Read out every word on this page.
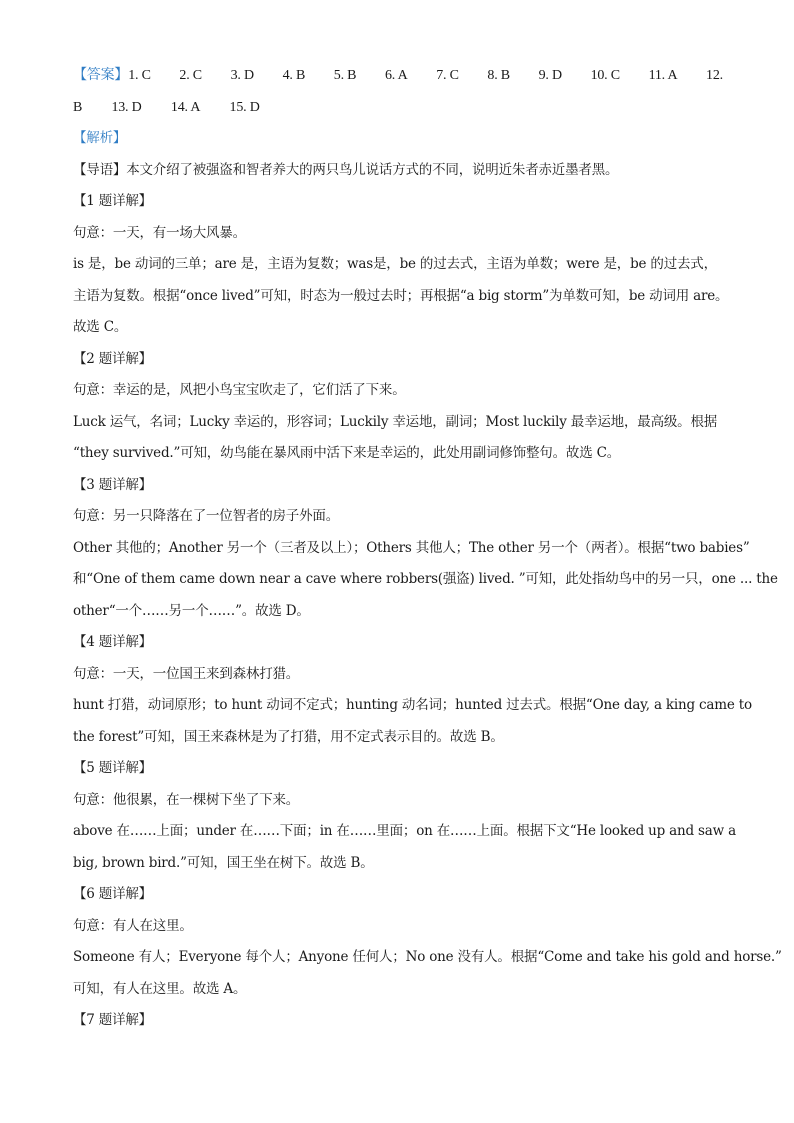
【答案】1. C 2. C 3. D 4. B 5. B 6. A 7. C 8. B 9. D 10. C 11. A 12.
B 13. D 14. A 15. D
【解析】
【导语】本文介绍了被强盗和智者养大的两只鸟儿说话方式的不同，说明近朱者赤近墨者黑。
【1 题详解】
句意：一天，有一场大风暴。
is 是，be 动词的三单；are 是，主语为复数；was是，be 的过去式，主语为单数；were 是，be 的过去式，
主语为复数。根据“once lived”可知，时态为一般过去时；再根据“a big storm”为单数可知，be 动词用 are。
故选 C。
【2 题详解】
句意：幸运的是，风把小鸟宝宝吹走了，它们活了下来。
Luck 运气，名词；Lucky 幸运的，形容词；Luckily 幸运地，副词；Most luckily 最幸运地，最高级。根据
“they survived.”可知，幼鸟能在暴风雨中活下来是幸运的，此处用副词修饰整句。故选 C。
【3 题详解】
句意：另一只降落在了一位智者的房子外面。
Other 其他的；Another 另一个（三者及以上）；Others 其他人；The other 另一个（两者）。根据“two babies”
和“One of them came down near a cave where robbers(强盗) lived. ”可知，此处指幼鸟中的另一只，one ... the
other“一个……另一个……”。故选 D。
【4 题详解】
句意：一天，一位国王来到森林打猎。
hunt 打猎，动词原形；to hunt 动词不定式；hunting 动名词；hunted 过去式。根据“One day, a king came to
the forest”可知，国王来森林是为了打猎，用不定式表示目的。故选 B。
【5 题详解】
句意：他很累，在一棵树下坐了下来。
above 在……上面；under 在……下面；in 在……里面；on 在……上面。根据下文“He looked up and saw a
big, brown bird.”可知，国王坐在树下。故选 B。
【6 题详解】
句意：有人在这里。
Someone 有人；Everyone 每个人；Anyone 任何人；No one 没有人。根据“Come and take his gold and horse.”
可知，有人在这里。故选 A。
【7 题详解】
